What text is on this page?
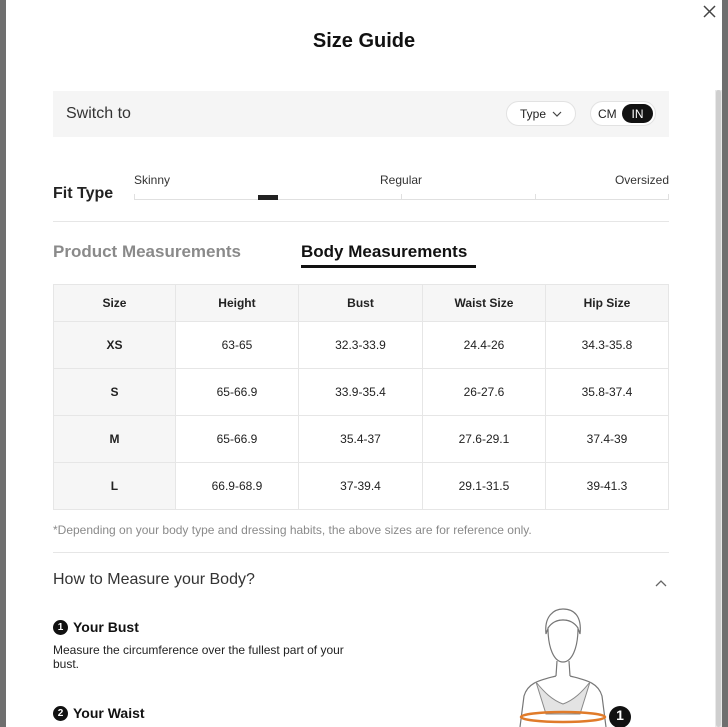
Size Guide
Switch to	Type	CM	IN
Fit Type
Skinny	Regular	Oversized
Product Measurements	Body Measurements
Size	Height	Bust	Waist Size	Hip Size
XS	63-65	32.3-33.9	24.4-26	34.3-35.8
S	65-66.9	33.9-35.4	26-27.6	35.8-37.4
M	65-66.9	35.4-37	27.6-29.1	37.4-39
L	66.9-68.9	37-39.4	29.1-31.5	39-41.3
*Depending on your body type and dressing habits, the above sizes are for reference only.
How to Measure your Body?
1 Your Bust
Measure the circumference over the fullest part of your bust.
2 Your Waist	1
